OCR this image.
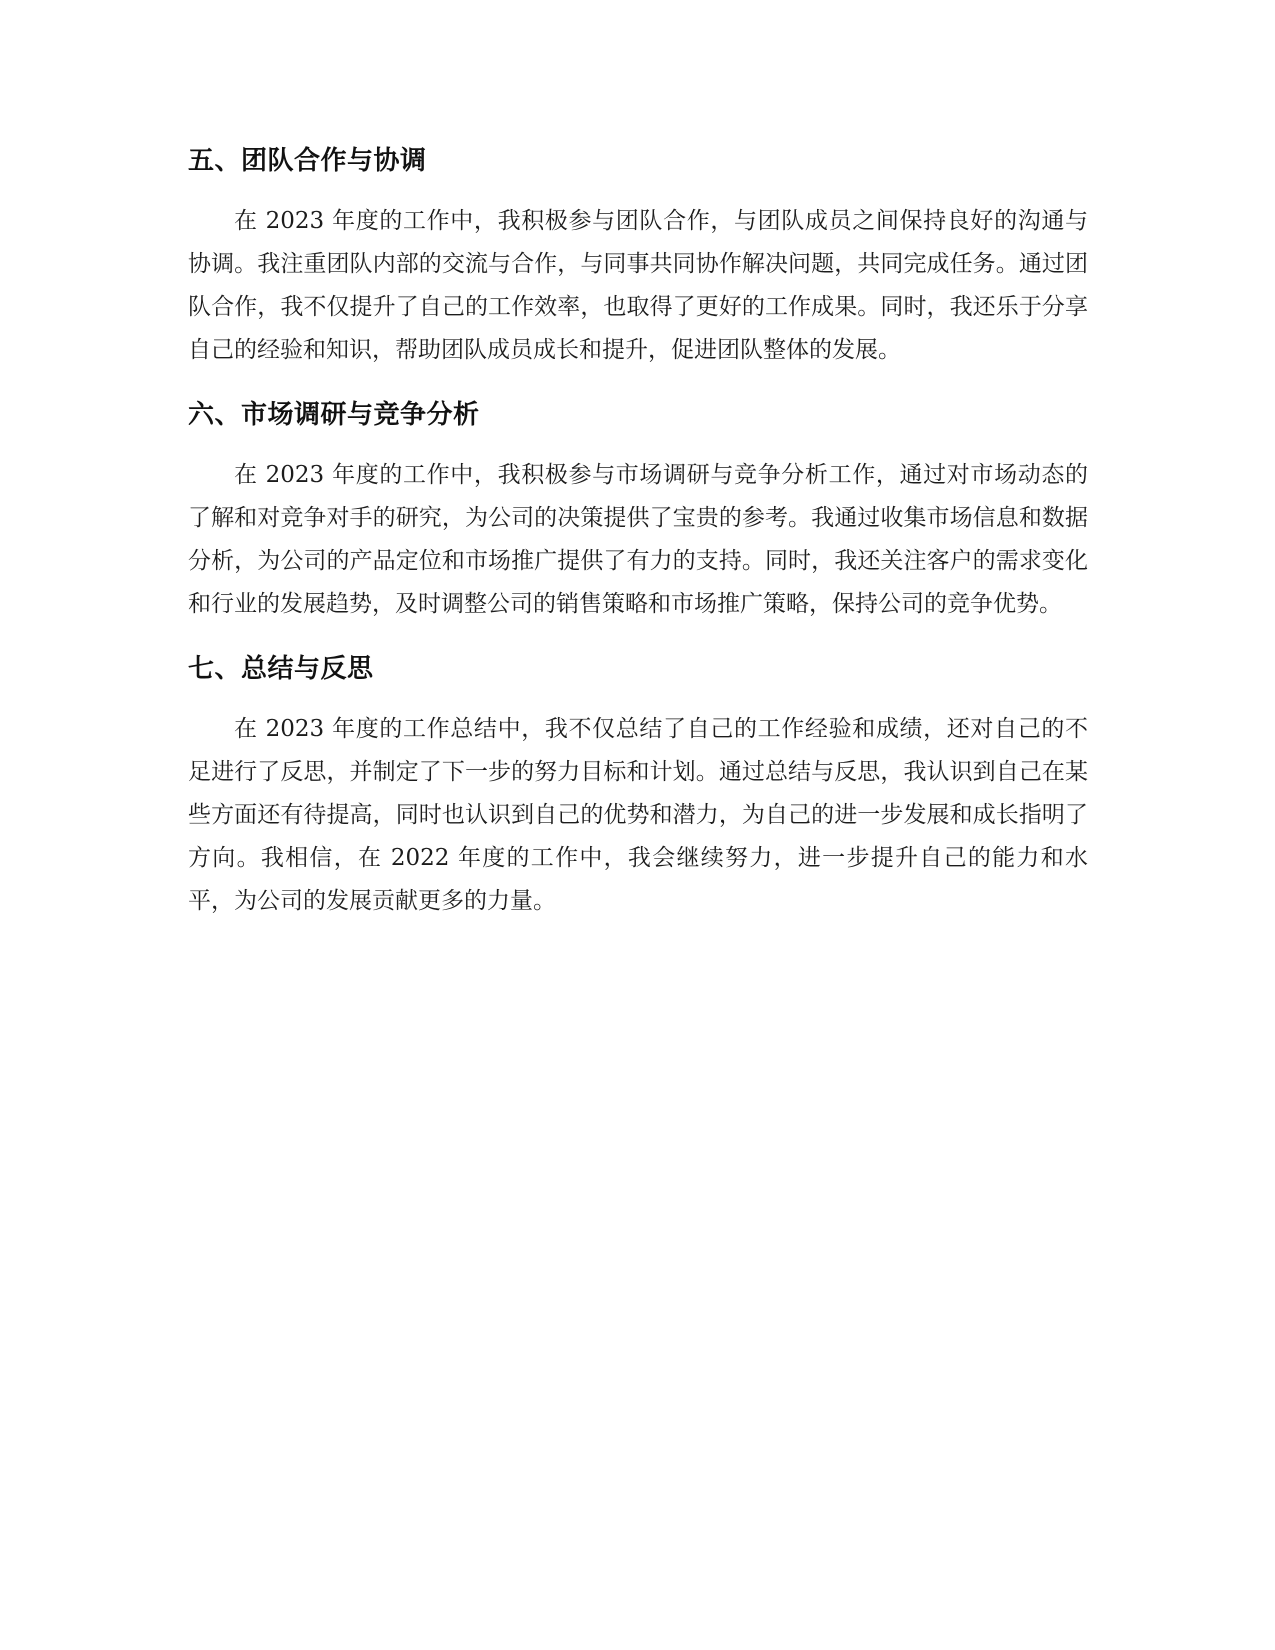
五、团队合作与协调

在 2023 年度的工作中，我积极参与团队合作，与团队成员之间保持良好的沟通与协调。我注重团队内部的交流与合作，与同事共同协作解决问题，共同完成任务。通过团队合作，我不仅提升了自己的工作效率，也取得了更好的工作成果。同时，我还乐于分享自己的经验和知识，帮助团队成员成长和提升，促进团队整体的发展。

六、市场调研与竞争分析

在 2023 年度的工作中，我积极参与市场调研与竞争分析工作，通过对市场动态的了解和对竞争对手的研究，为公司的决策提供了宝贵的参考。我通过收集市场信息和数据分析，为公司的产品定位和市场推广提供了有力的支持。同时，我还关注客户的需求变化和行业的发展趋势，及时调整公司的销售策略和市场推广策略，保持公司的竞争优势。

七、总结与反思

在 2023 年度的工作总结中，我不仅总结了自己的工作经验和成绩，还对自己的不足进行了反思，并制定了下一步的努力目标和计划。通过总结与反思，我认识到自己在某些方面还有待提高，同时也认识到自己的优势和潜力，为自己的进一步发展和成长指明了方向。我相信，在 2022 年度的工作中，我会继续努力，进一步提升自己的能力和水平，为公司的发展贡献更多的力量。
